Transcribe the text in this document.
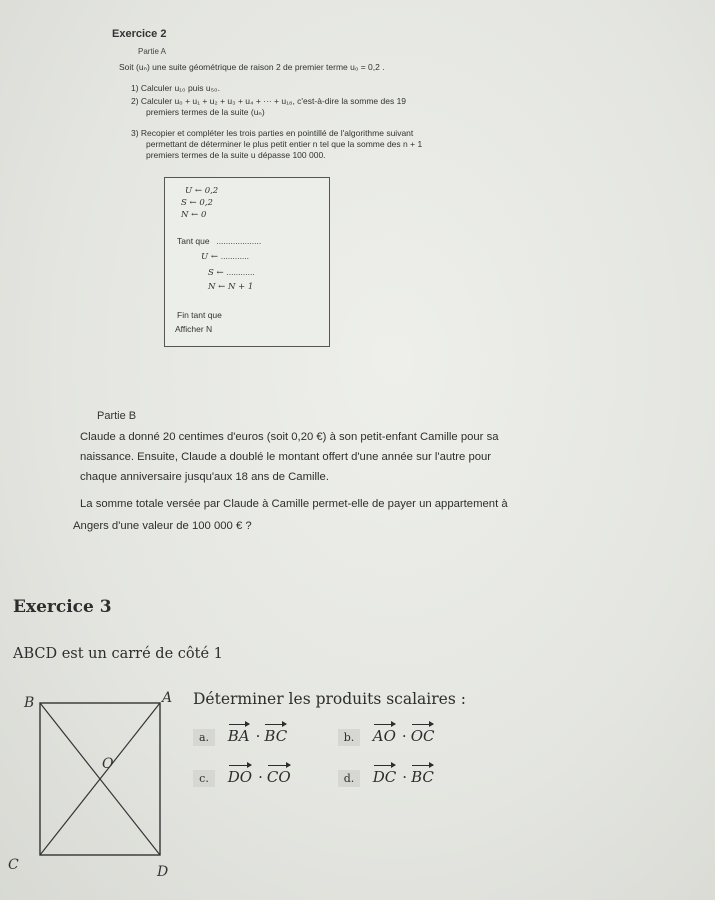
Exercice 2
Partie A
Soit (uₙ) une suite géométrique de raison 2 de premier terme u₀ = 0,2 .
1) Calculer u₁₀ puis u₅₀.
2) Calculer u₀ + u₁ + u₂ + u₃ + u₄ + ··· + u₁₈, c'est-à-dire la somme des 19
premiers termes de la suite (uₙ)
3) Recopier et compléter les trois parties en pointillé de l'algorithme suivant
permettant de déterminer le plus petit entier n tel que la somme des n + 1
premiers termes de la suite u dépasse 100 000.
U ← 0,2
S ← 0,2
N ← 0
Tant que ...................
U ← ............
S ← ............
N ← N + 1
Fin tant que
Afficher N
Partie B
Claude a donné 20 centimes d'euros (soit 0,20 €) à son petit-enfant Camille pour sa
naissance. Ensuite, Claude a doublé le montant offert d'une année sur l'autre pour
chaque anniversaire jusqu'aux 18 ans de Camille.
La somme totale versée par Claude à Camille permet-elle de payer un appartement à
Angers d'une valeur de 100 000 € ?
Exercice 3
ABCD est un carré de côté 1
Déterminer les produits scalaires :
B	A
O
C	D
a. BA · BC	b. AO · OC
c. DO · CO	d. DC · BC
